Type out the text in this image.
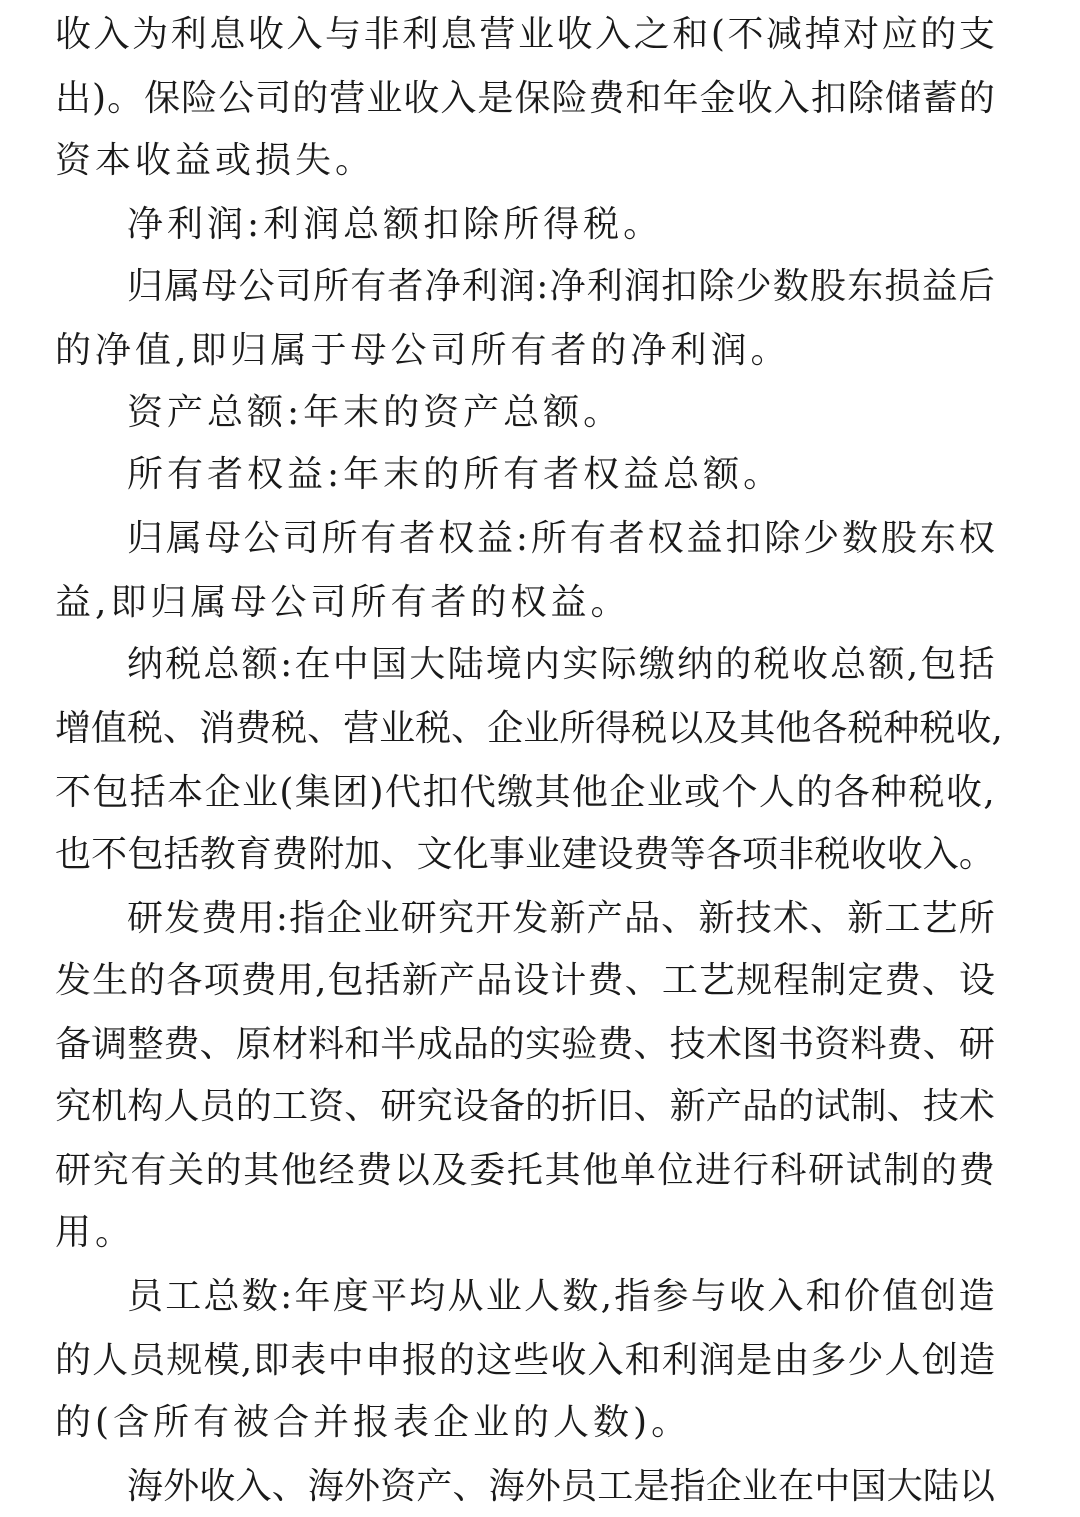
收 入 为 利 息 收 入 与 非 利 息 营 业 收 入 之 和 ( 不 减 掉 对 应 的 支
出 ) 。 保 险 公 司 的 营 业 收 入 是 保 险 费 和 年 金 收 入 扣 除 储 蓄 的
资本收益或损失。
净利润:利润总额扣除所得税。
归 属 母 公 司 所 有 者 净 利 润 : 净 利 润 扣 除 少 数 股 东 损 益 后
的净值,即归属于母公司所有者的净利润。
资产总额:年末的资产总额。
所有者权益:年末的所有者权益总额。
归 属 母 公 司 所 有 者 权 益 : 所 有 者 权 益 扣 除 少 数 股 东 权
益,即归属母公司所有者的权益。
纳 税 总 额 : 在 中 国 大 陆 境 内 实 际 缴 纳 的 税 收 总 额 , 包 括
增 值 税 、 消 费 税 、 营 业 税 、 企 业 所 得 税 以 及 其 他 各 税 种 税 收 ,
不 包 括 本 企 业 ( 集 团 ) 代 扣 代 缴 其 他 企 业 或 个 人 的 各 种 税 收 ,
也 不 包 括 教 育 费 附 加 、 文 化 事 业 建 设 费 等 各 项 非 税 收 收 入 。
研 发 费 用 : 指 企 业 研 究 开 发 新 产 品 、 新 技 术 、 新 工 艺 所
发 生 的 各 项 费 用 , 包 括 新 产 品 设 计 费 、 工 艺 规 程 制 定 费 、 设
备 调 整 费 、 原 材 料 和 半 成 品 的 实 验 费 、 技 术 图 书 资 料 费 、 研
究 机 构 人 员 的 工 资 、 研 究 设 备 的 折 旧 、 新 产 品 的 试 制 、 技 术
研 究 有 关 的 其 他 经 费 以 及 委 托 其 他 单 位 进 行 科 研 试 制 的 费
用。
员 工 总 数 : 年 度 平 均 从 业 人 数 , 指 参 与 收 入 和 价 值 创 造
的 人 员 规 模 , 即 表 中 申 报 的 这 些 收 入 和 利 润 是 由 多 少 人 创 造
的(含所有被合并报表企业的人数)。
海 外 收 入 、 海 外 资 产 、 海 外 员 工 是 指 企 业 在 中 国 大 陆 以
